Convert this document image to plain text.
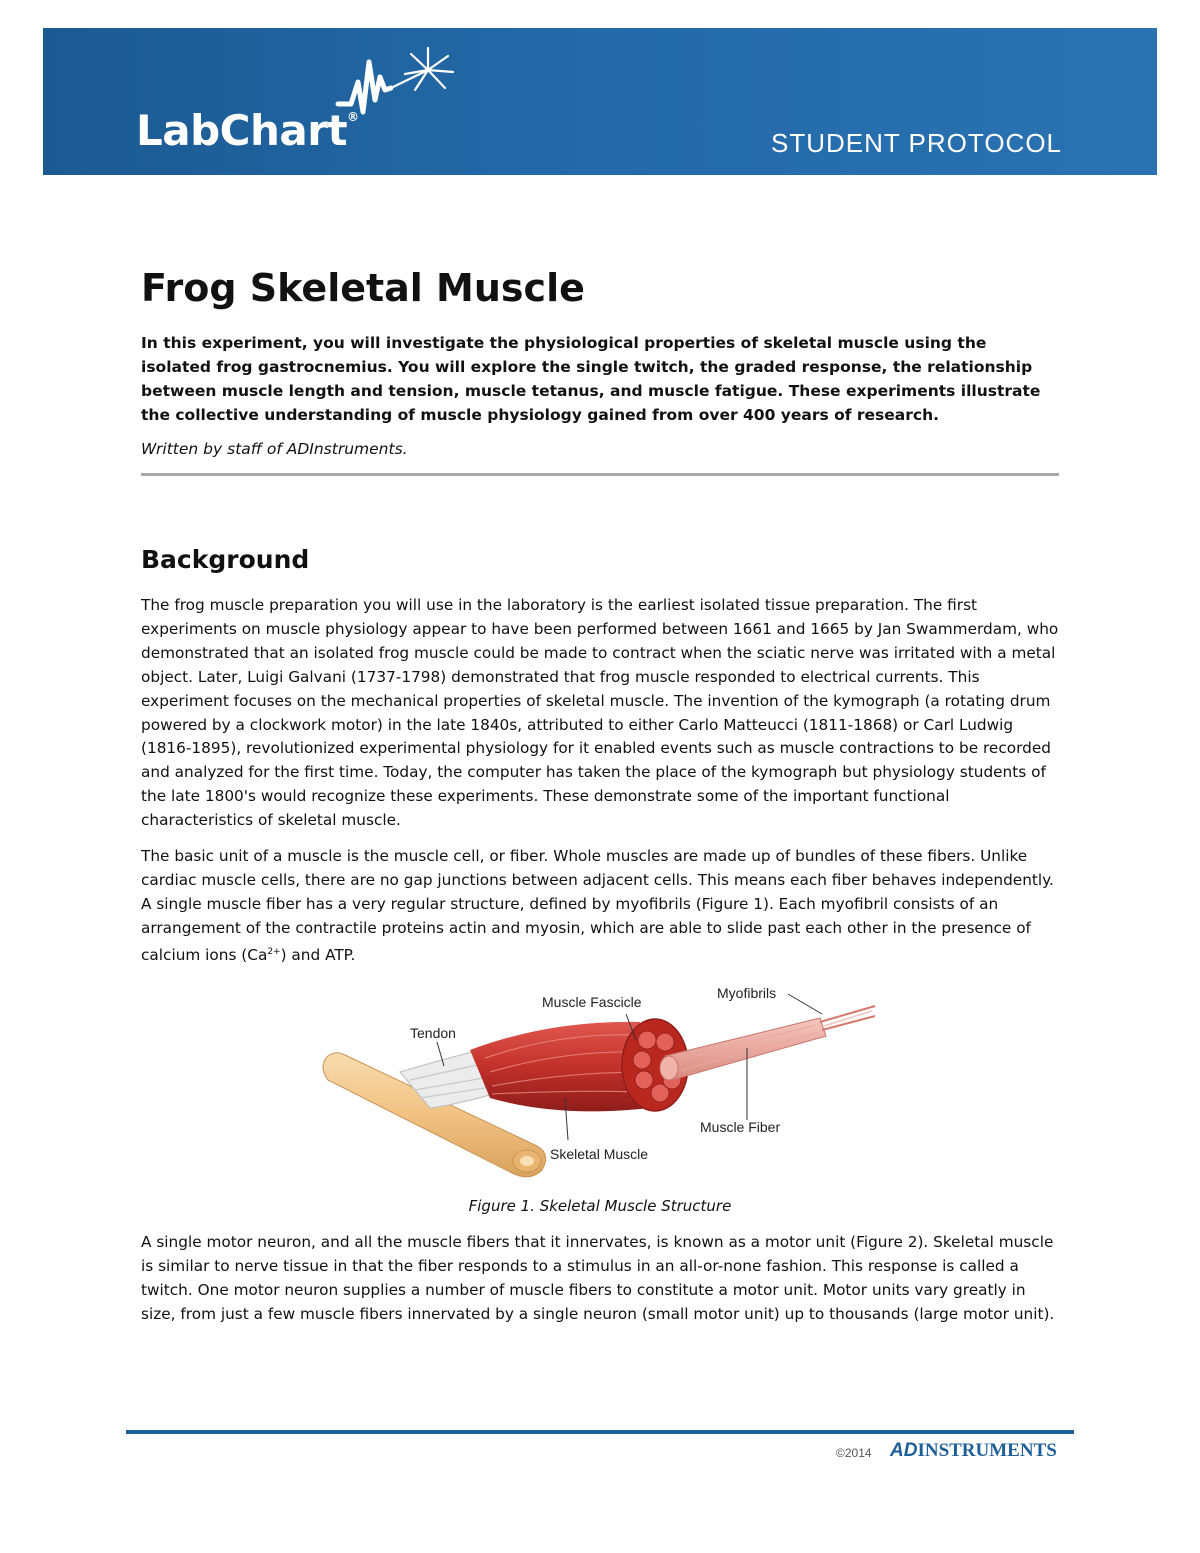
LabChart®
STUDENT PROTOCOL
Frog Skeletal Muscle

In this experiment, you will investigate the physiological properties of skeletal muscle using the isolated frog gastrocnemius. You will explore the single twitch, the graded response, the relationship between muscle length and tension, muscle tetanus, and muscle fatigue. These experiments illustrate the collective understanding of muscle physiology gained from over 400 years of research.

Written by staff of ADInstruments.

Background

The frog muscle preparation you will use in the laboratory is the earliest isolated tissue preparation. The first experiments on muscle physiology appear to have been performed between 1661 and 1665 by Jan Swammerdam, who demonstrated that an isolated frog muscle could be made to contract when the sciatic nerve was irritated with a metal object. Later, Luigi Galvani (1737-1798) demonstrated that frog muscle responded to electrical currents. This experiment focuses on the mechanical properties of skeletal muscle. The invention of the kymograph (a rotating drum powered by a clockwork motor) in the late 1840s, attributed to either Carlo Matteucci (1811-1868) or Carl Ludwig (1816-1895), revolutionized experimental physiology for it enabled events such as muscle contractions to be recorded and analyzed for the first time. Today, the computer has taken the place of the kymograph but physiology students of the late 1800's would recognize these experiments. These demonstrate some of the important functional characteristics of skeletal muscle.

The basic unit of a muscle is the muscle cell, or fiber. Whole muscles are made up of bundles of these fibers. Unlike cardiac muscle cells, there are no gap junctions between adjacent cells. This means each fiber behaves independently. A single muscle fiber has a very regular structure, defined by myofibrils (Figure 1). Each myofibril consists of an arrangement of the contractile proteins actin and myosin, which are able to slide past each other in the presence of calcium ions $(Ca^{2+})$ and ATP.

Tendon
Muscle Fascicle
Myofibrils
Muscle Fiber
Skeletal Muscle

Figure 1. Skeletal Muscle Structure

A single motor neuron, and all the muscle fibers that it innervates, is known as a motor unit (Figure 2). Skeletal muscle is similar to nerve tissue in that the fiber responds to a stimulus in an all-or-none fashion. This response is called a twitch. One motor neuron supplies a number of muscle fibers to constitute a motor unit. Motor units vary greatly in size, from just a few muscle fibers innervated by a single neuron (small motor unit) up to thousands (large motor unit).

©2014 ADINSTRUMENTS
